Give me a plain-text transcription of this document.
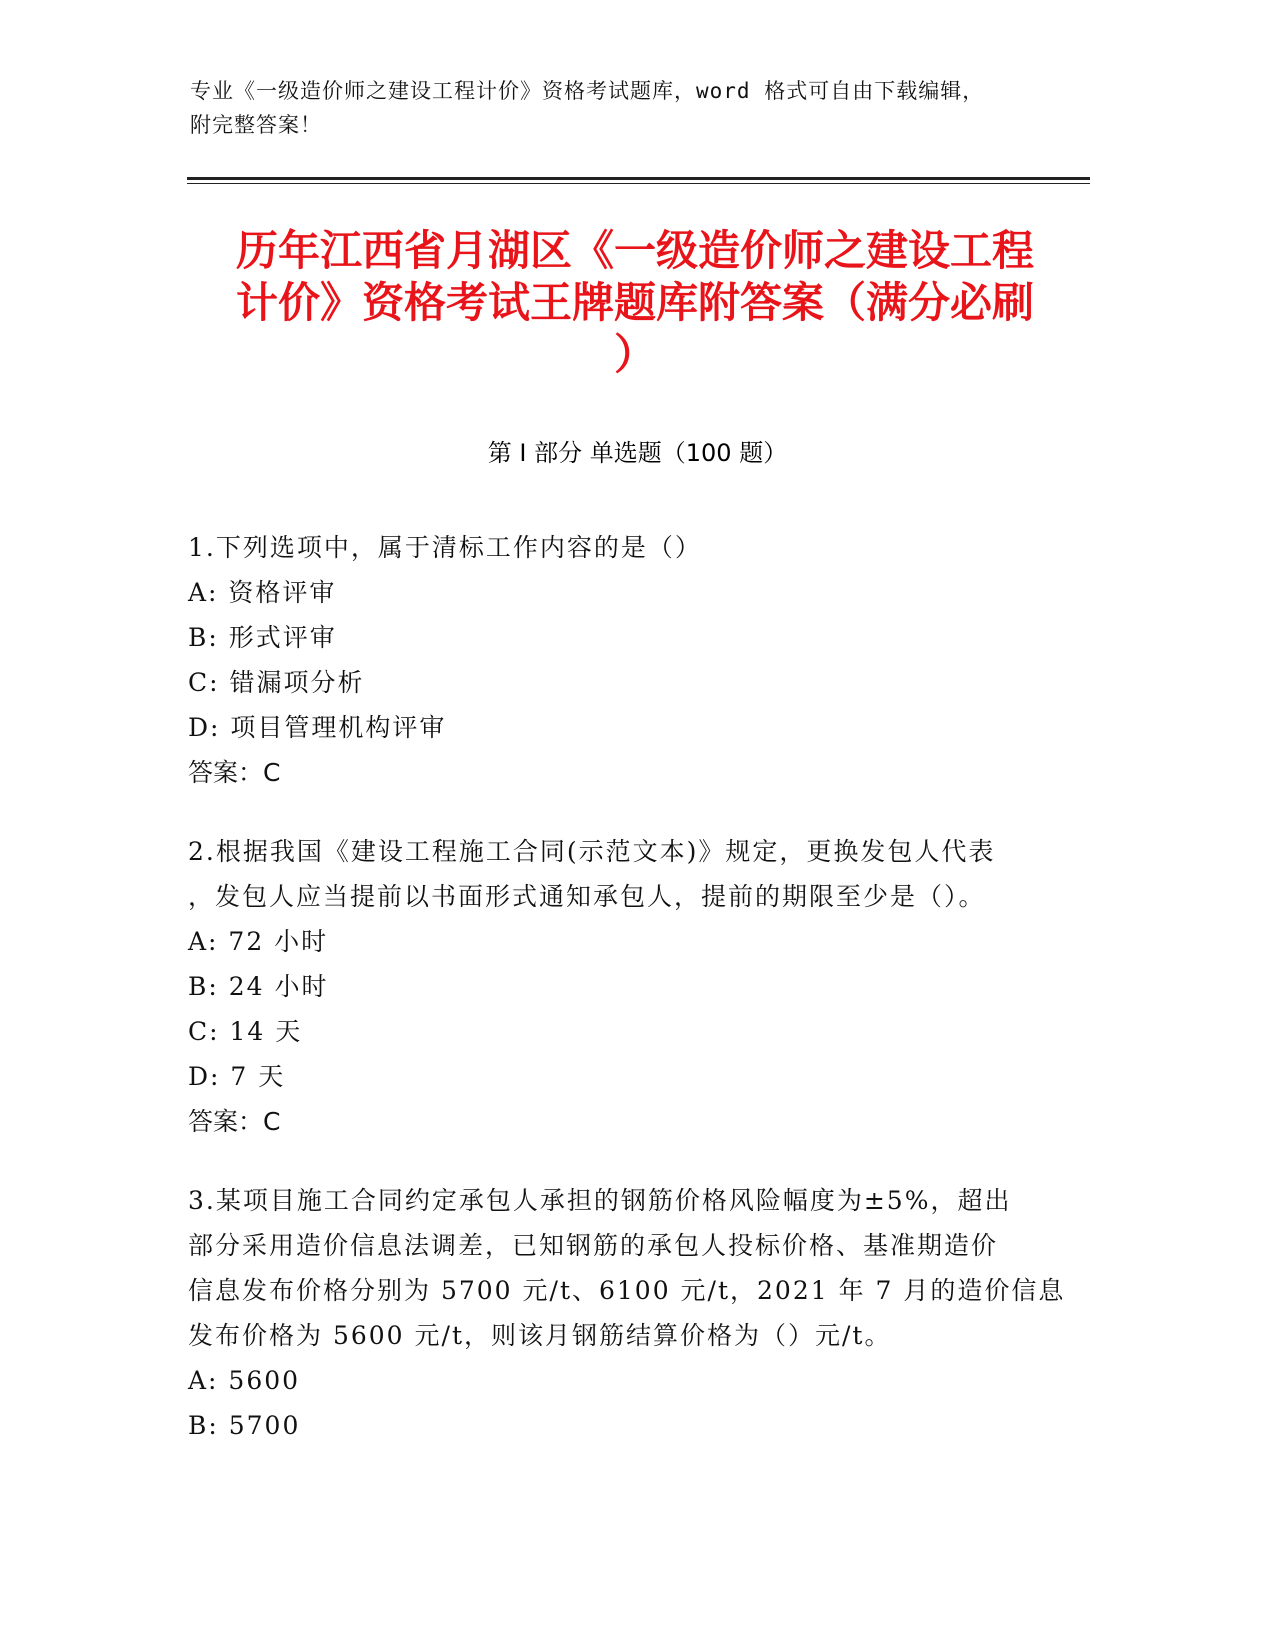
专业《一级造价师之建设工程计价》资格考试题库，word 格式可自由下载编辑，
附完整答案！
历年江西省月湖区《一级造价师之建设工程
计价》资格考试王牌题库附答案（满分必刷
）
第 I 部分 单选题（100 题）
1.下列选项中，属于清标工作内容的是（）
A: 资格评审
B: 形式评审
C: 错漏项分析
D: 项目管理机构评审
答案：C
2.根据我国《建设工程施工合同(示范文本)》规定，更换发包人代表
，发包人应当提前以书面形式通知承包人，提前的期限至少是（）。
A: 72 小时
B: 24 小时
C: 14 天
D: 7 天
答案：C
3.某项目施工合同约定承包人承担的钢筋价格风险幅度为±5%，超出
部分采用造价信息法调差，已知钢筋的承包人投标价格、基准期造价
信息发布价格分别为 5700 元/t、6100 元/t，2021 年 7 月的造价信息
发布价格为 5600 元/t，则该月钢筋结算价格为（）元/t。
A: 5600
B: 5700
